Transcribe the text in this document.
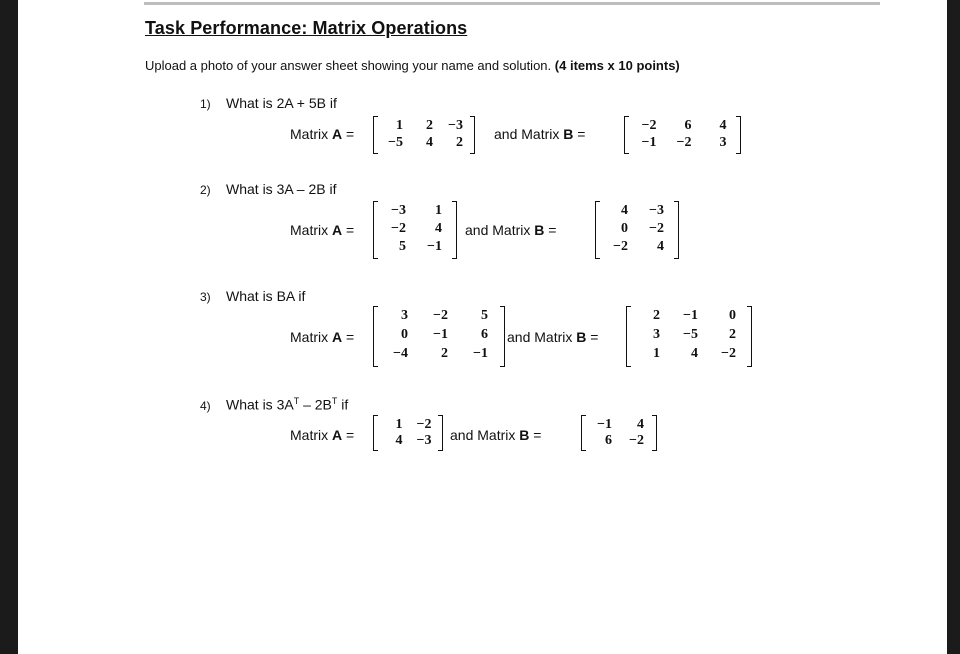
Task Performance: Matrix Operations
Upload a photo of your answer sheet showing your name and solution. (4 items x 10 points)
1) What is 2A + 5B if
Matrix A =
1	2	−3
−5	4	2
and Matrix B =
−2	6	4
−1	−2	3
2) What is 3A – 2B if
Matrix A =
−3	1
−2	4
5	−1
and Matrix B =
4	−3
0	−2
−2	4
3) What is BA if
Matrix A =
3	−2	5
0	−1	6
−4	2	−1
and Matrix B =
2	−1	0
3	−5	2
1	4	−2
4) What is $3A^T - 2B^T$ if
Matrix A =
1	−2
4	−3 and Matrix B =
−1	4
6	−2
